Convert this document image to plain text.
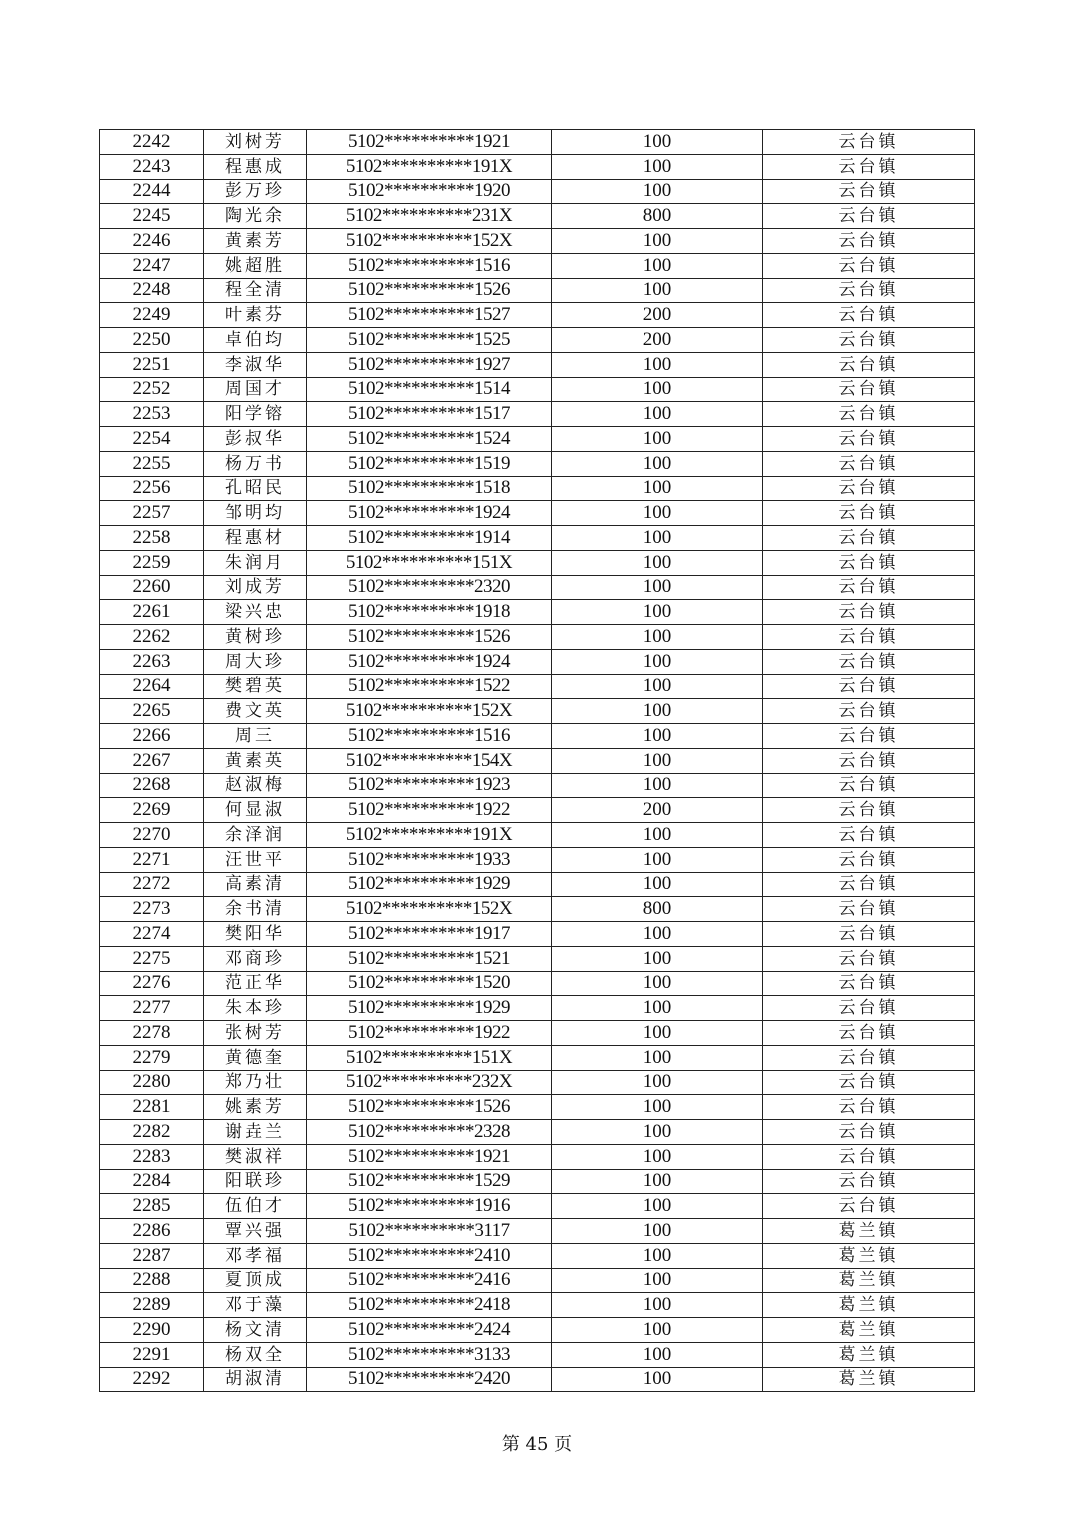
2242	刘树芳	5102**********1921	100	云台镇
2243	程惠成	5102**********191X	100	云台镇
2244	彭万珍	5102**********1920	100	云台镇
2245	陶光余	5102**********231X	800	云台镇
2246	黄素芳	5102**********152X	100	云台镇
2247	姚超胜	5102**********1516	100	云台镇
2248	程全清	5102**********1526	100	云台镇
2249	叶素芬	5102**********1527	200	云台镇
2250	卓伯均	5102**********1525	200	云台镇
2251	李淑华	5102**********1927	100	云台镇
2252	周国才	5102**********1514	100	云台镇
2253	阳学镕	5102**********1517	100	云台镇
2254	彭叔华	5102**********1524	100	云台镇
2255	杨万书	5102**********1519	100	云台镇
2256	孔昭民	5102**********1518	100	云台镇
2257	邹明均	5102**********1924	100	云台镇
2258	程惠材	5102**********1914	100	云台镇
2259	朱润月	5102**********151X	100	云台镇
2260	刘成芳	5102**********2320	100	云台镇
2261	梁兴忠	5102**********1918	100	云台镇
2262	黄树珍	5102**********1526	100	云台镇
2263	周大珍	5102**********1924	100	云台镇
2264	樊碧英	5102**********1522	100	云台镇
2265	费文英	5102**********152X	100	云台镇
2266	周三	5102**********1516	100	云台镇
2267	黄素英	5102**********154X	100	云台镇
2268	赵淑梅	5102**********1923	100	云台镇
2269	何显淑	5102**********1922	200	云台镇
2270	余泽润	5102**********191X	100	云台镇
2271	汪世平	5102**********1933	100	云台镇
2272	高素清	5102**********1929	100	云台镇
2273	余书清	5102**********152X	800	云台镇
2274	樊阳华	5102**********1917	100	云台镇
2275	邓商珍	5102**********1521	100	云台镇
2276	范正华	5102**********1520	100	云台镇
2277	朱本珍	5102**********1929	100	云台镇
2278	张树芳	5102**********1922	100	云台镇
2279	黄德奎	5102**********151X	100	云台镇
2280	郑乃壮	5102**********232X	100	云台镇
2281	姚素芳	5102**********1526	100	云台镇
2282	谢垚兰	5102**********2328	100	云台镇
2283	樊淑祥	5102**********1921	100	云台镇
2284	阳联珍	5102**********1529	100	云台镇
2285	伍伯才	5102**********1916	100	云台镇
2286	覃兴强	5102**********3117	100	葛兰镇
2287	邓孝福	5102**********2410	100	葛兰镇
2288	夏顶成	5102**********2416	100	葛兰镇
2289	邓于藻	5102**********2418	100	葛兰镇
2290	杨文清	5102**********2424	100	葛兰镇
2291	杨双全	5102**********3133	100	葛兰镇
2292	胡淑清	5102**********2420	100	葛兰镇
第 45 页
